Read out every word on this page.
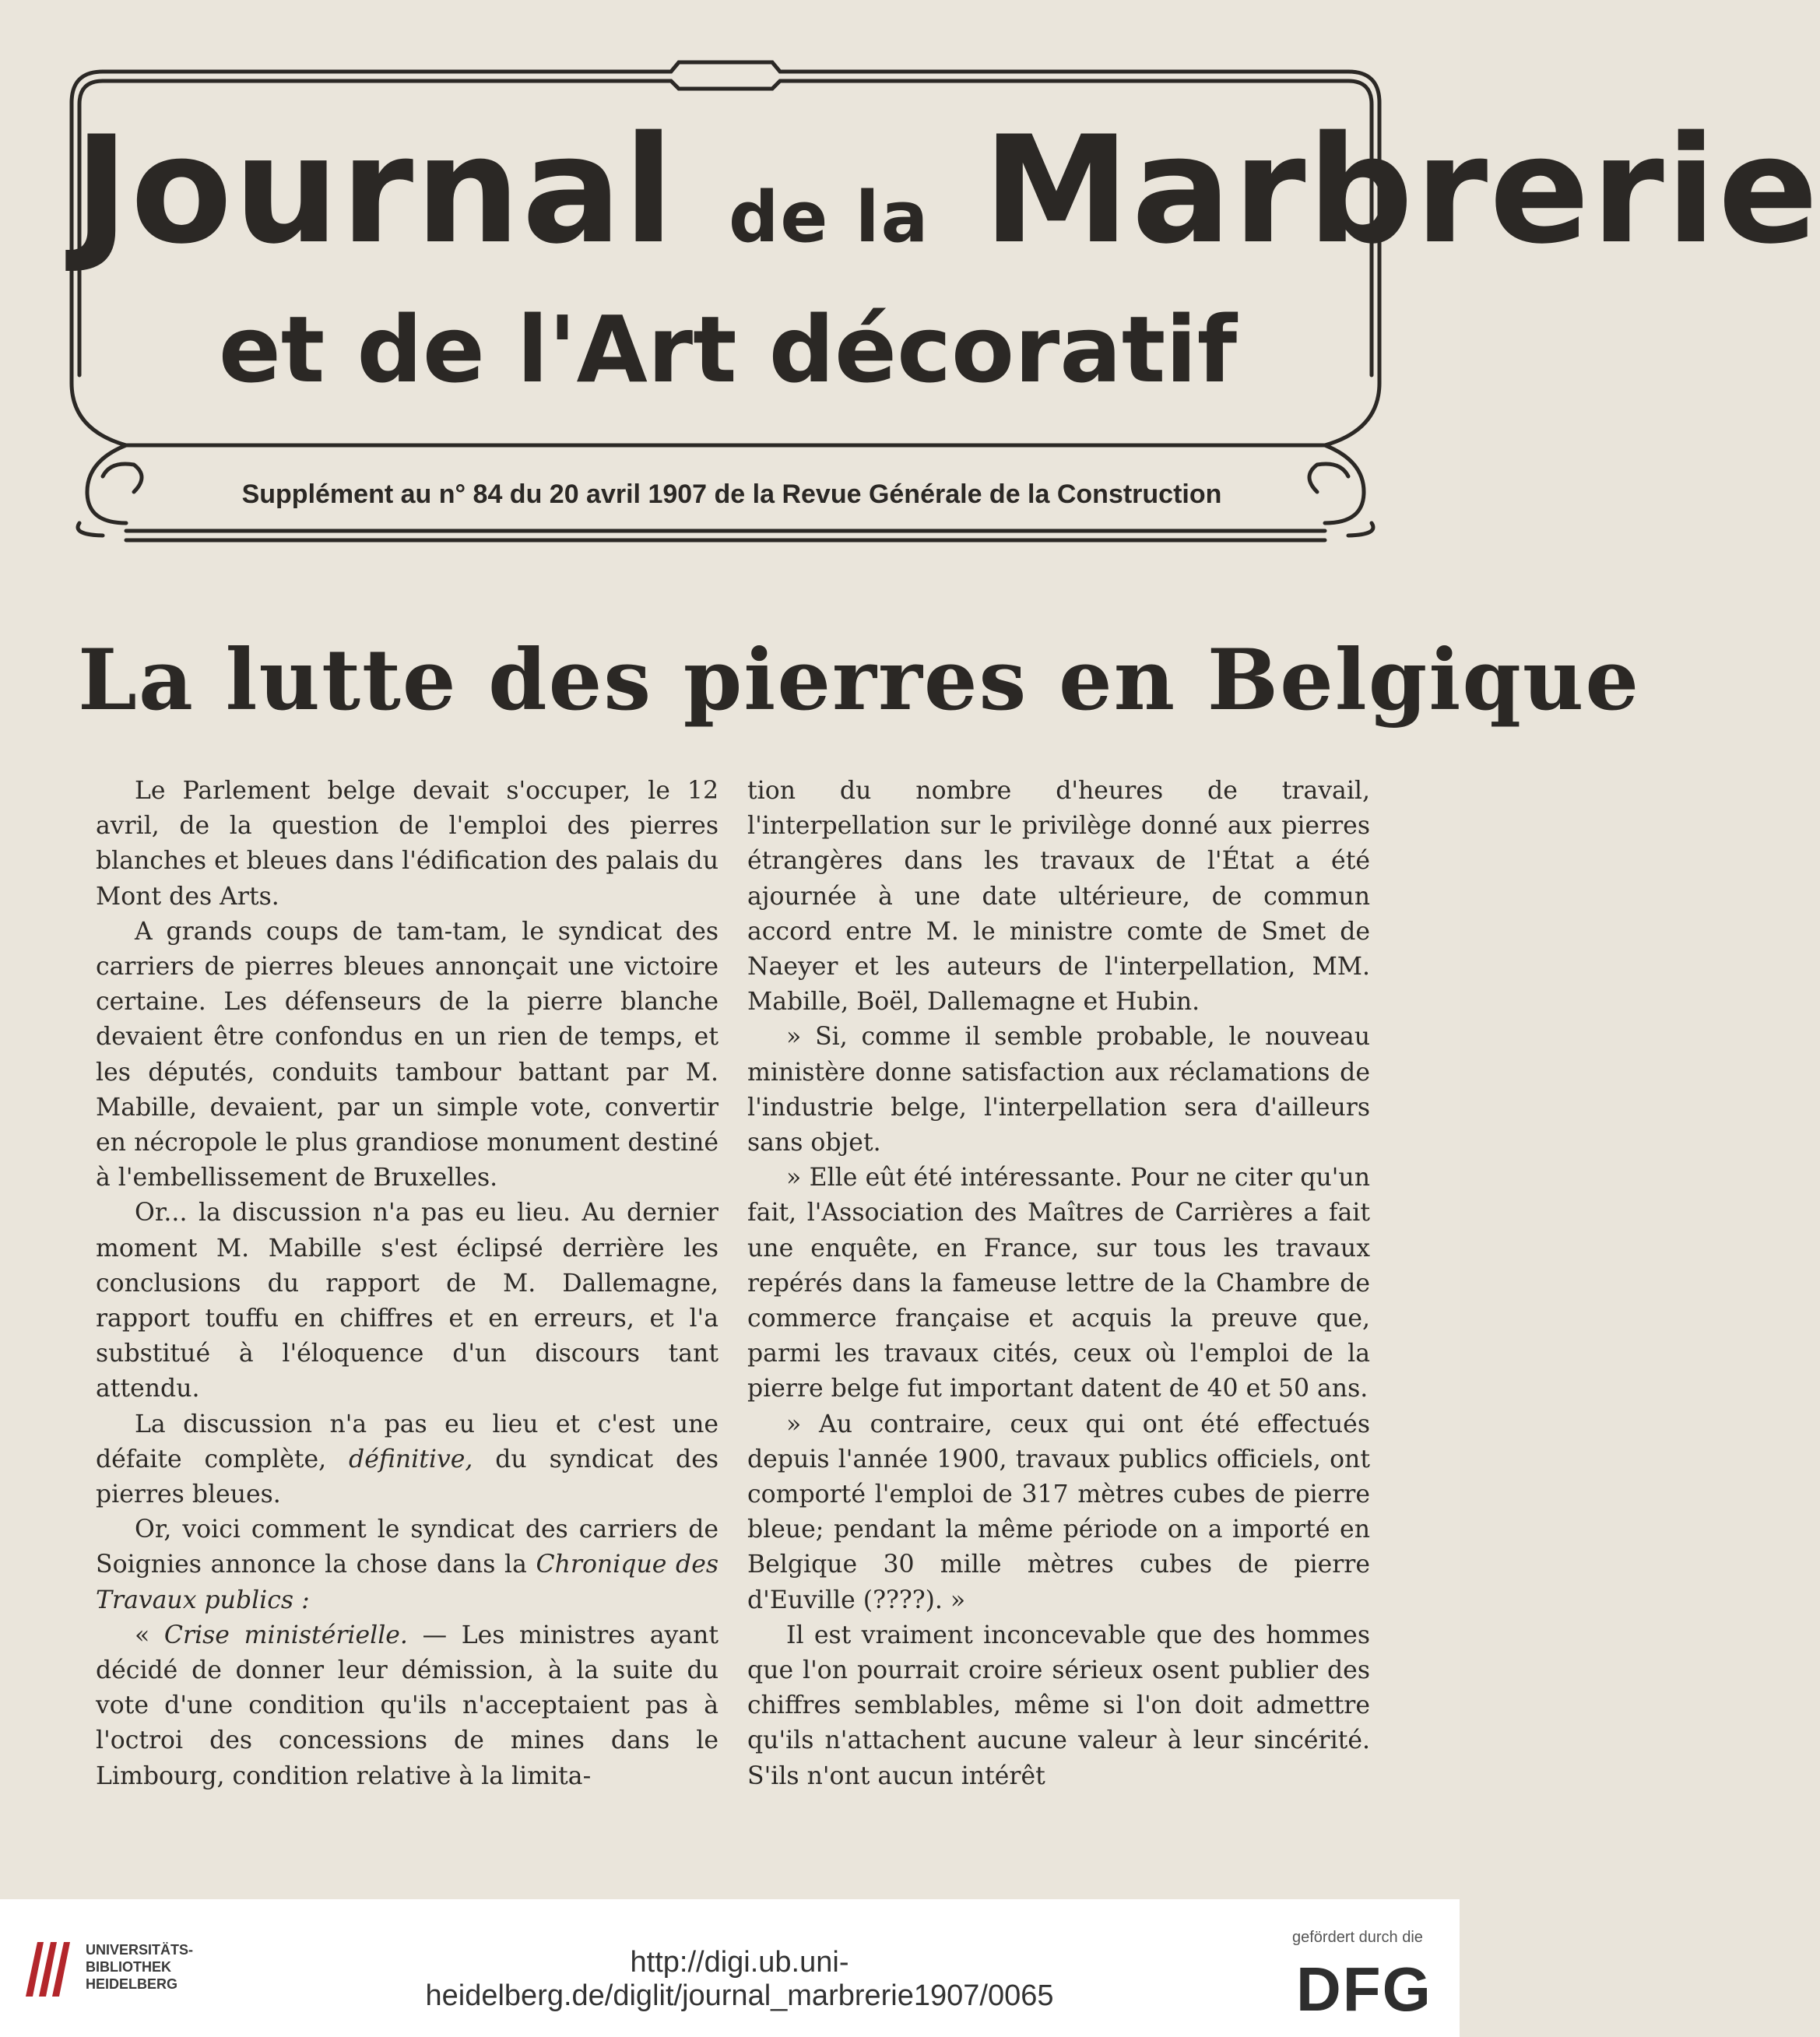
Journal de la Marbrerie
et de l'Art décoratif
Supplément au n° 84 du 20 avril 1907 de la Revue Générale de la Construction
La lutte des pierres en Belgique

Le Parlement belge devait s'occuper, le 12 avril, de la question de l'emploi des pierres blanches et bleues dans l'édification des palais du Mont des Arts.

A grands coups de tam-tam, le syndicat des carriers de pierres bleues annonçait une victoire certaine. Les défenseurs de la pierre blanche devaient être confondus en un rien de temps, et les députés, conduits tambour battant par M. Mabille, devaient, par un simple vote, convertir en nécropole le plus grandiose monument destiné à l'embellissement de Bruxelles.

Or... la discussion n'a pas eu lieu. Au dernier moment M. Mabille s'est éclipsé derrière les conclusions du rapport de M. Dallemagne, rapport touffu en chiffres et en erreurs, et l'a substitué à l'éloquence d'un discours tant attendu.

La discussion n'a pas eu lieu et c'est une défaite complète, définitive, du syndicat des pierres bleues.

Or, voici comment le syndicat des carriers de Soignies annonce la chose dans la Chronique des Travaux publics :

« Crise ministérielle. — Les ministres ayant décidé de donner leur démission, à la suite du vote d'une condition qu'ils n'acceptaient pas à l'octroi des concessions de mines dans le Limbourg, condition relative à la limita-

tion du nombre d'heures de travail, l'interpellation sur le privilège donné aux pierres étrangères dans les travaux de l'État a été ajournée à une date ultérieure, de commun accord entre M. le ministre comte de Smet de Naeyer et les auteurs de l'interpellation, MM. Mabille, Boël, Dallemagne et Hubin.

» Si, comme il semble probable, le nouveau ministère donne satisfaction aux réclamations de l'industrie belge, l'interpellation sera d'ailleurs sans objet.

» Elle eût été intéressante. Pour ne citer qu'un fait, l'Association des Maîtres de Carrières a fait une enquête, en France, sur tous les travaux repérés dans la fameuse lettre de la Chambre de commerce française et acquis la preuve que, parmi les travaux cités, ceux où l'emploi de la pierre belge fut important datent de 40 et 50 ans.

» Au contraire, ceux qui ont été effectués depuis l'année 1900, travaux publics officiels, ont comporté l'emploi de 317 mètres cubes de pierre bleue; pendant la même période on a importé en Belgique 30 mille mètres cubes de pierre d'Euville (????). »

Il est vraiment inconcevable que des hommes que l'on pourrait croire sérieux osent publier des chiffres semblables, même si l'on doit admettre qu'ils n'attachent aucune valeur à leur sincérité. S'ils n'ont aucun intérêt

UNIVERSITÄTS-
BIBLIOTHEK
HEIDELBERG
http://digi.ub.uni-heidelberg.de/diglit/journal_marbrerie1907/0065
gefördert durch die
DFG
